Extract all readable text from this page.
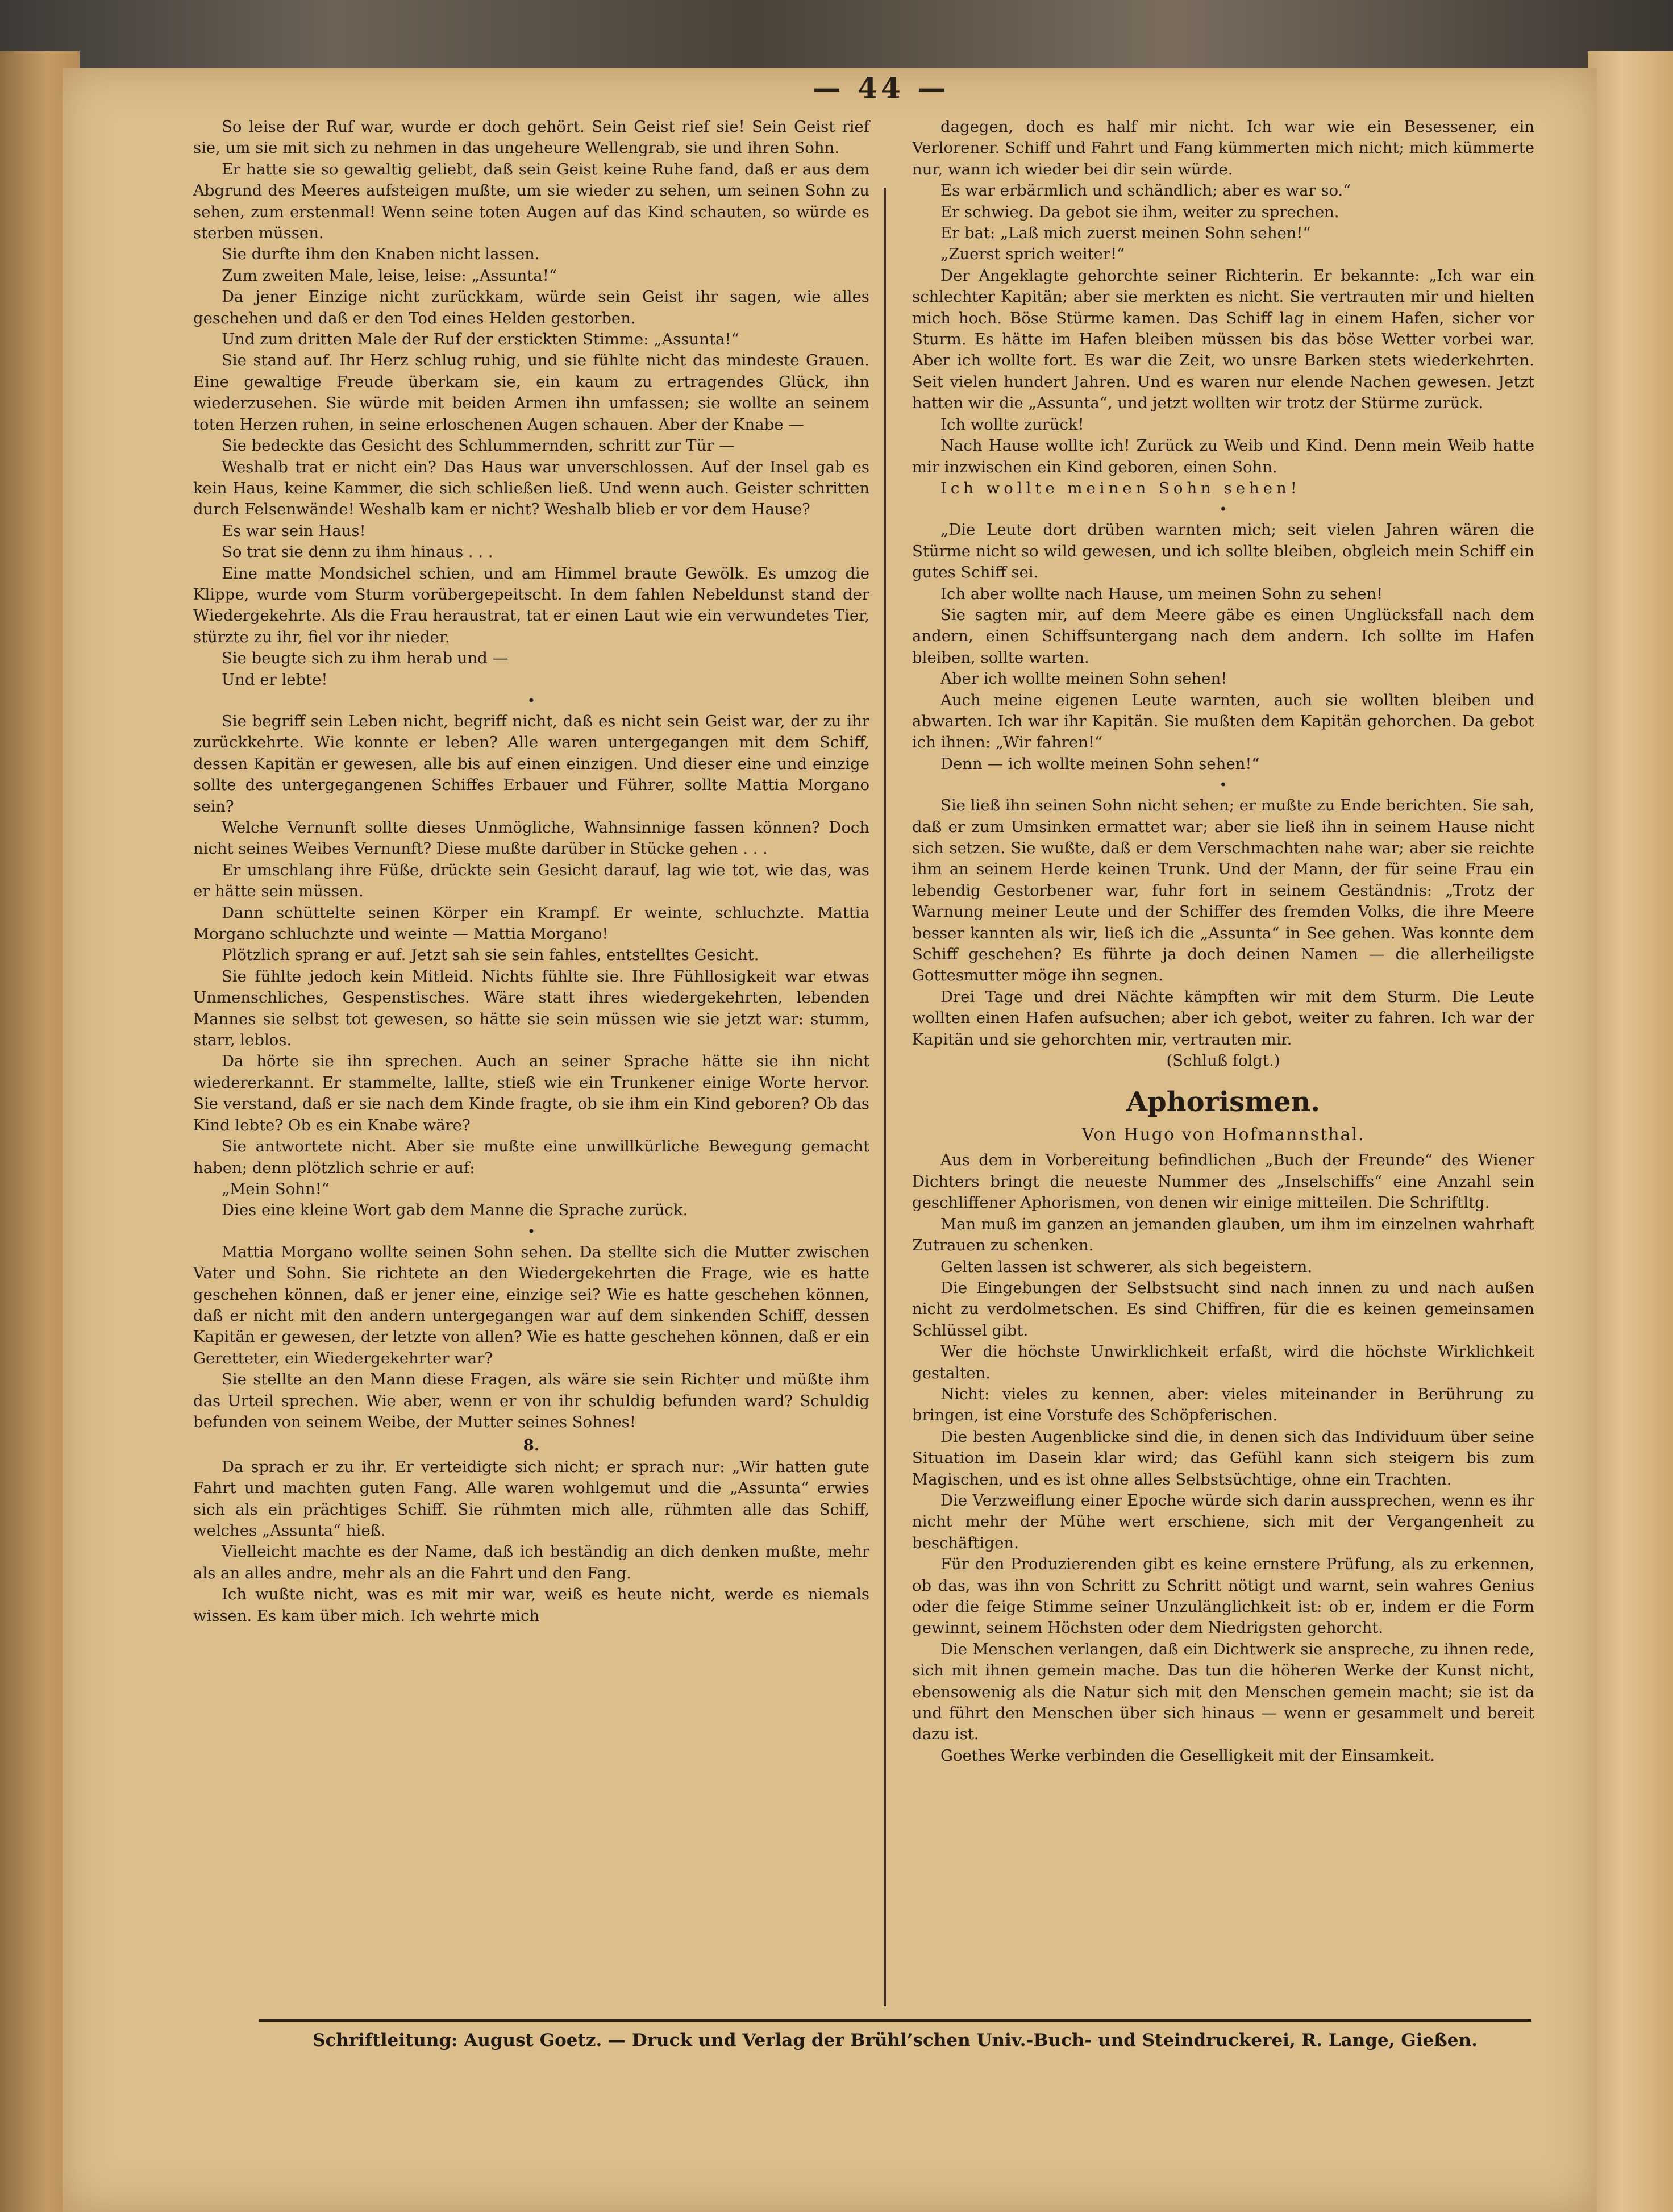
— 44 —

So leise der Ruf war, wurde er doch gehört. Sein Geist rief sie! Sein Geist rief sie, um sie mit sich zu nehmen in das ungeheure Wellengrab, sie und ihren Sohn.

Er hatte sie so gewaltig geliebt, daß sein Geist keine Ruhe fand, daß er aus dem Abgrund des Meeres aufsteigen mußte, um sie wieder zu sehen, um seinen Sohn zu sehen, zum erstenmal! Wenn seine toten Augen auf das Kind schauten, so würde es sterben müssen.

Sie durfte ihm den Knaben nicht lassen.

Zum zweiten Male, leise, leise: „Assunta!“

Da jener Einzige nicht zurückkam, würde sein Geist ihr sagen, wie alles geschehen und daß er den Tod eines Helden gestorben.

Und zum dritten Male der Ruf der erstickten Stimme: „Assunta!“

Sie stand auf. Ihr Herz schlug ruhig, und sie fühlte nicht das mindeste Grauen. Eine gewaltige Freude überkam sie, ein kaum zu ertragendes Glück, ihn wiederzusehen. Sie würde mit beiden Armen ihn umfassen; sie wollte an seinem toten Herzen ruhen, in seine erloschenen Augen schauen. Aber der Knabe —

Sie bedeckte das Gesicht des Schlummernden, schritt zur Tür —

Weshalb trat er nicht ein? Das Haus war unverschlossen. Auf der Insel gab es kein Haus, keine Kammer, die sich schließen ließ. Und wenn auch. Geister schritten durch Felsenwände! Weshalb kam er nicht? Weshalb blieb er vor dem Hause?

Es war sein Haus!

So trat sie denn zu ihm hinaus . . .

Eine matte Mondsichel schien, und am Himmel braute Gewölk. Es umzog die Klippe, wurde vom Sturm vorübergepeitscht. In dem fahlen Nebeldunst stand der Wiedergekehrte. Als die Frau heraustrat, tat er einen Laut wie ein verwundetes Tier, stürzte zu ihr, fiel vor ihr nieder.

Sie beugte sich zu ihm herab und —

Und er lebte!

•

Sie begriff sein Leben nicht, begriff nicht, daß es nicht sein Geist war, der zu ihr zurückkehrte. Wie konnte er leben? Alle waren untergegangen mit dem Schiff, dessen Kapitän er gewesen, alle bis auf einen einzigen. Und dieser eine und einzige sollte des untergegangenen Schiffes Erbauer und Führer, sollte Mattia Morgano sein?

Welche Vernunft sollte dieses Unmögliche, Wahnsinnige fassen können? Doch nicht seines Weibes Vernunft? Diese mußte darüber in Stücke gehen . . .

Er umschlang ihre Füße, drückte sein Gesicht darauf, lag wie tot, wie das, was er hätte sein müssen.

Dann schüttelte seinen Körper ein Krampf. Er weinte, schluchzte. Mattia Morgano schluchzte und weinte — Mattia Morgano!

Plötzlich sprang er auf. Jetzt sah sie sein fahles, entstelltes Gesicht.

Sie fühlte jedoch kein Mitleid. Nichts fühlte sie. Ihre Fühllosigkeit war etwas Unmenschliches, Gespenstisches. Wäre statt ihres wiedergekehrten, lebenden Mannes sie selbst tot gewesen, so hätte sie sein müssen wie sie jetzt war: stumm, starr, leblos.

Da hörte sie ihn sprechen. Auch an seiner Sprache hätte sie ihn nicht wiedererkannt. Er stammelte, lallte, stieß wie ein Trunkener einige Worte hervor. Sie verstand, daß er sie nach dem Kinde fragte, ob sie ihm ein Kind geboren? Ob das Kind lebte? Ob es ein Knabe wäre?

Sie antwortete nicht. Aber sie mußte eine unwillkürliche Bewegung gemacht haben; denn plötzlich schrie er auf:

„Mein Sohn!“

Dies eine kleine Wort gab dem Manne die Sprache zurück.

•

Mattia Morgano wollte seinen Sohn sehen. Da stellte sich die Mutter zwischen Vater und Sohn. Sie richtete an den Wiedergekehrten die Frage, wie es hatte geschehen können, daß er jener eine, einzige sei? Wie es hatte geschehen können, daß er nicht mit den andern untergegangen war auf dem sinkenden Schiff, dessen Kapitän er gewesen, der letzte von allen? Wie es hatte geschehen können, daß er ein Geretteter, ein Wiedergekehrter war?

Sie stellte an den Mann diese Fragen, als wäre sie sein Richter und müßte ihm das Urteil sprechen. Wie aber, wenn er von ihr schuldig befunden ward? Schuldig befunden von seinem Weibe, der Mutter seines Sohnes!

8.

Da sprach er zu ihr. Er verteidigte sich nicht; er sprach nur: „Wir hatten gute Fahrt und machten guten Fang. Alle waren wohlgemut und die „Assunta“ erwies sich als ein prächtiges Schiff. Sie rühmten mich alle, rühmten alle das Schiff, welches „Assunta“ hieß.

Vielleicht machte es der Name, daß ich beständig an dich denken mußte, mehr als an alles andre, mehr als an die Fahrt und den Fang.

Ich wußte nicht, was es mit mir war, weiß es heute nicht, werde es niemals wissen. Es kam über mich. Ich wehrte mich

dagegen, doch es half mir nicht. Ich war wie ein Besessener, ein Verlorener. Schiff und Fahrt und Fang kümmerten mich nicht; mich kümmerte nur, wann ich wieder bei dir sein würde.

Es war erbärmlich und schändlich; aber es war so.“

Er schwieg. Da gebot sie ihm, weiter zu sprechen.

Er bat: „Laß mich zuerst meinen Sohn sehen!“

„Zuerst sprich weiter!“

Der Angeklagte gehorchte seiner Richterin. Er bekannte: „Ich war ein schlechter Kapitän; aber sie merkten es nicht. Sie vertrauten mir und hielten mich hoch. Böse Stürme kamen. Das Schiff lag in einem Hafen, sicher vor Sturm. Es hätte im Hafen bleiben müssen bis das böse Wetter vorbei war. Aber ich wollte fort. Es war die Zeit, wo unsre Barken stets wiederkehrten. Seit vielen hundert Jahren. Und es waren nur elende Nachen gewesen. Jetzt hatten wir die „Assunta“, und jetzt wollten wir trotz der Stürme zurück.

Ich wollte zurück!

Nach Hause wollte ich! Zurück zu Weib und Kind. Denn mein Weib hatte mir inzwischen ein Kind geboren, einen Sohn.

Ich wollte meinen Sohn sehen!

•

„Die Leute dort drüben warnten mich; seit vielen Jahren wären die Stürme nicht so wild gewesen, und ich sollte bleiben, obgleich mein Schiff ein gutes Schiff sei.

Ich aber wollte nach Hause, um meinen Sohn zu sehen!

Sie sagten mir, auf dem Meere gäbe es einen Unglücksfall nach dem andern, einen Schiffsuntergang nach dem andern. Ich sollte im Hafen bleiben, sollte warten.

Aber ich wollte meinen Sohn sehen!

Auch meine eigenen Leute warnten, auch sie wollten bleiben und abwarten. Ich war ihr Kapitän. Sie mußten dem Kapitän gehorchen. Da gebot ich ihnen: „Wir fahren!“

Denn — ich wollte meinen Sohn sehen!“

•

Sie ließ ihn seinen Sohn nicht sehen; er mußte zu Ende berichten. Sie sah, daß er zum Umsinken ermattet war; aber sie ließ ihn in seinem Hause nicht sich setzen. Sie wußte, daß er dem Verschmachten nahe war; aber sie reichte ihm an seinem Herde keinen Trunk. Und der Mann, der für seine Frau ein lebendig Gestorbener war, fuhr fort in seinem Geständnis: „Trotz der Warnung meiner Leute und der Schiffer des fremden Volks, die ihre Meere besser kannten als wir, ließ ich die „Assunta“ in See gehen. Was konnte dem Schiff geschehen? Es führte ja doch deinen Namen — die allerheiligste Gottesmutter möge ihn segnen.

Drei Tage und drei Nächte kämpften wir mit dem Sturm. Die Leute wollten einen Hafen aufsuchen; aber ich gebot, weiter zu fahren. Ich war der Kapitän und sie gehorchten mir, vertrauten mir.

(Schluß folgt.)
Aphorismen.
Von Hugo von Hofmannsthal.

Aus dem in Vorbereitung befindlichen „Buch der Freunde“ des Wiener Dichters bringt die neueste Nummer des „Inselschiffs“ eine Anzahl sein geschliffener Aphorismen, von denen wir einige mitteilen. Die Schriftltg.

Man muß im ganzen an jemanden glauben, um ihm im einzelnen wahrhaft Zutrauen zu schenken.

Gelten lassen ist schwerer, als sich begeistern.

Die Eingebungen der Selbstsucht sind nach innen zu und nach außen nicht zu verdolmetschen. Es sind Chiffren, für die es keinen gemeinsamen Schlüssel gibt.

Wer die höchste Unwirklichkeit erfaßt, wird die höchste Wirklichkeit gestalten.

Nicht: vieles zu kennen, aber: vieles miteinander in Berührung zu bringen, ist eine Vorstufe des Schöpferischen.

Die besten Augenblicke sind die, in denen sich das Individuum über seine Situation im Dasein klar wird; das Gefühl kann sich steigern bis zum Magischen, und es ist ohne alles Selbstsüchtige, ohne ein Trachten.

Die Verzweiflung einer Epoche würde sich darin aussprechen, wenn es ihr nicht mehr der Mühe wert erschiene, sich mit der Vergangenheit zu beschäftigen.

Für den Produzierenden gibt es keine ernstere Prüfung, als zu erkennen, ob das, was ihn von Schritt zu Schritt nötigt und warnt, sein wahres Genius oder die feige Stimme seiner Unzulänglichkeit ist: ob er, indem er die Form gewinnt, seinem Höchsten oder dem Niedrigsten gehorcht.

Die Menschen verlangen, daß ein Dichtwerk sie anspreche, zu ihnen rede, sich mit ihnen gemein mache. Das tun die höheren Werke der Kunst nicht, ebensowenig als die Natur sich mit den Menschen gemein macht; sie ist da und führt den Menschen über sich hinaus — wenn er gesammelt und bereit dazu ist.

Goethes Werke verbinden die Geselligkeit mit der Einsamkeit.

Schriftleitung: August Goetz. — Druck und Verlag der Brühl’schen Univ.-Buch- und Steindruckerei, R. Lange, Gießen.
